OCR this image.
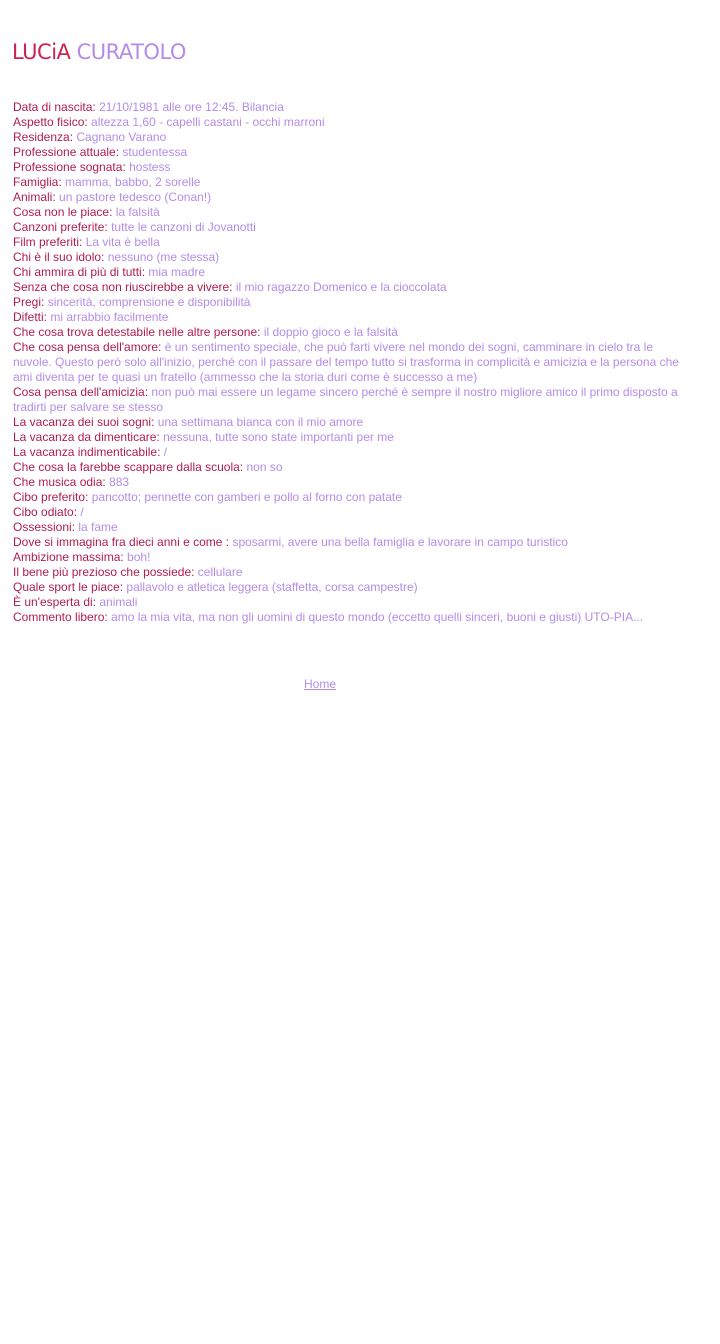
LUCiA CURATOLO
Data di nascita: 21/10/1981 alle ore 12:45. Bilancia
Aspetto fisico: altezza 1,60 - capelli castani - occhi marroni
Residenza: Cagnano Varano
Professione attuale: studentessa
Professione sognata: hostess
Famiglia: mamma, babbo, 2 sorelle
Animali: un pastore tedesco (Conan!)
Cosa non le piace: la falsità
Canzoni preferite: tutte le canzoni di Jovanotti
Film preferiti: La vita è bella
Chi è il suo idolo: nessuno (me stessa)
Chi ammira di più di tutti: mia madre
Senza che cosa non riuscirebbe a vivere: il mio ragazzo Domenico e la cioccolata
Pregi: sincerità, comprensione e disponibilità
Difetti: mi arrabbio facilmente
Che cosa trova detestabile nelle altre persone: il doppio gioco e la falsità
Che cosa pensa dell'amore: è un sentimento speciale, che può farti vivere nel mondo dei sogni, camminare in cielo tra le nuvole. Questo però solo all'inizio, perché con il passare del tempo tutto si trasforma in complicità e amicizia e la persona che ami diventa per te quasi un fratello (ammesso che la storia duri come è successo a me)
Cosa pensa dell'amicizia: non può mai essere un legame sincero perché è sempre il nostro migliore amico il primo disposto a tradirti per salvare se stesso
La vacanza dei suoi sogni: una settimana bianca con il mio amore
La vacanza da dimenticare: nessuna, tutte sono state importanti per me
La vacanza indimenticabile: /
Che cosa la farebbe scappare dalla scuola: non so
Che musica odia: 883
Cibo preferito: pancotto; pennette con gamberi e pollo al forno con patate
Cibo odiato: /
Ossessioni: la fame
Dove si immagina fra dieci anni e come : sposarmi, avere una bella famiglia e lavorare in campo turistico
Ambizione massima: boh!
Il bene più prezioso che possiede: cellulare
Quale sport le piace: pallavolo e atletica leggera (staffetta, corsa campestre)
È un'esperta di: animali
Commento libero: amo la mia vita, ma non gli uomini di questo mondo (eccetto quelli sinceri, buoni e giusti) UTO-PIA...
Home
